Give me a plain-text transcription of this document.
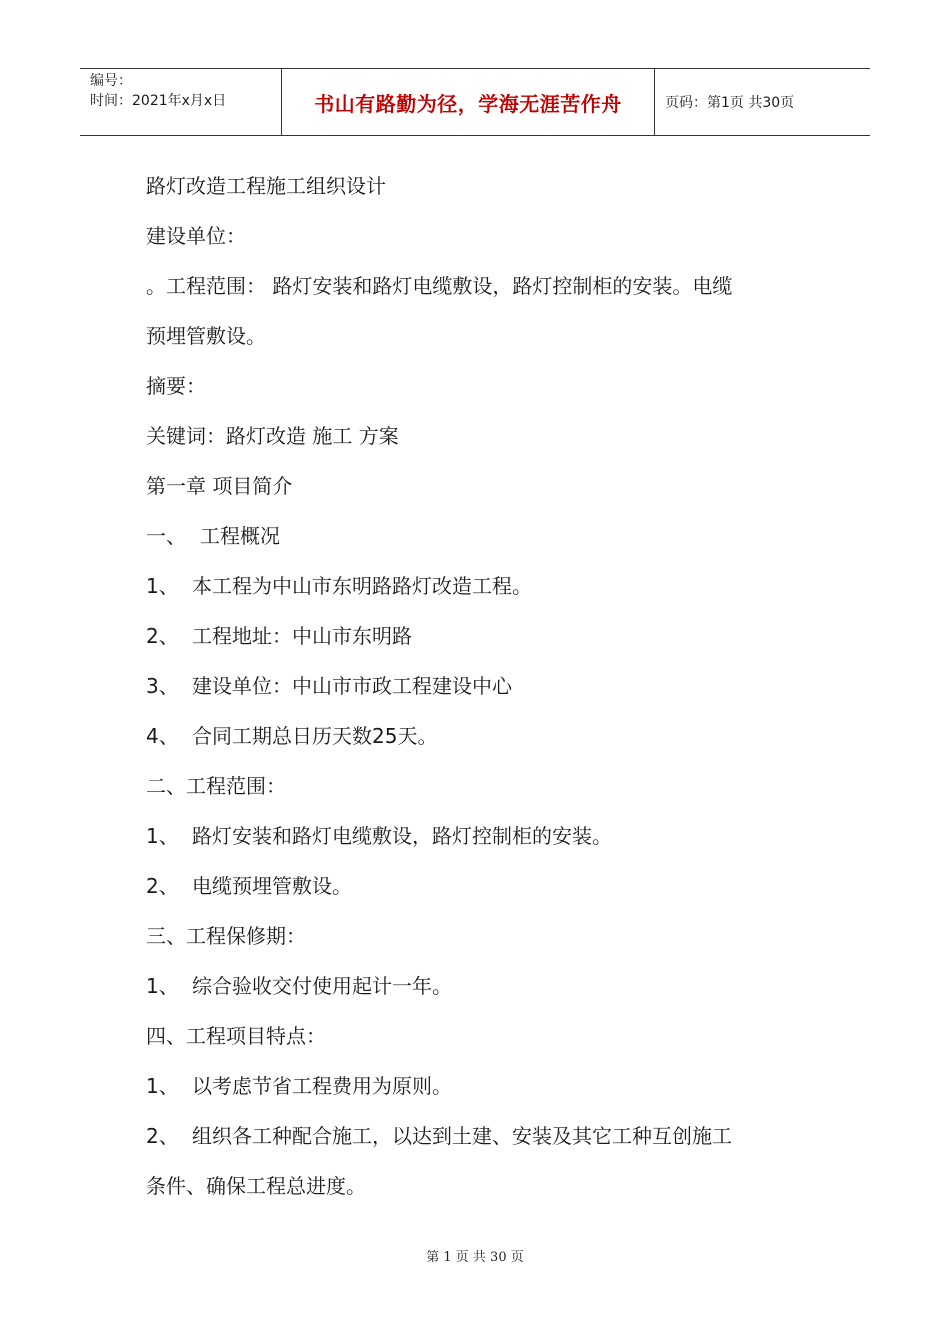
编号：
时间：2021年x月x日	书山有路勤为径，学海无涯苦作舟	页码：第1页 共30页
路灯改造工程施工组织设计
建设单位：
。工程范围： 路灯安装和路灯电缆敷设，路灯控制柜的安装。电缆
预埋管敷设。
摘要：
关键词：路灯改造 施工 方案
第一章 项目简介
一、 工程概况
1、 本工程为中山市东明路路灯改造工程。
2、 工程地址：中山市东明路
3、 建设单位：中山市市政工程建设中心
4、 合同工期总日历天数25天。
二、工程范围：
1、 路灯安装和路灯电缆敷设，路灯控制柜的安装。
2、 电缆预埋管敷设。
三、工程保修期：
1、 综合验收交付使用起计一年。
四、工程项目特点：
1、 以考虑节省工程费用为原则。
2、 组织各工种配合施工，以达到土建、安装及其它工种互创施工
条件、确保工程总进度。
第 1 页 共 30 页
